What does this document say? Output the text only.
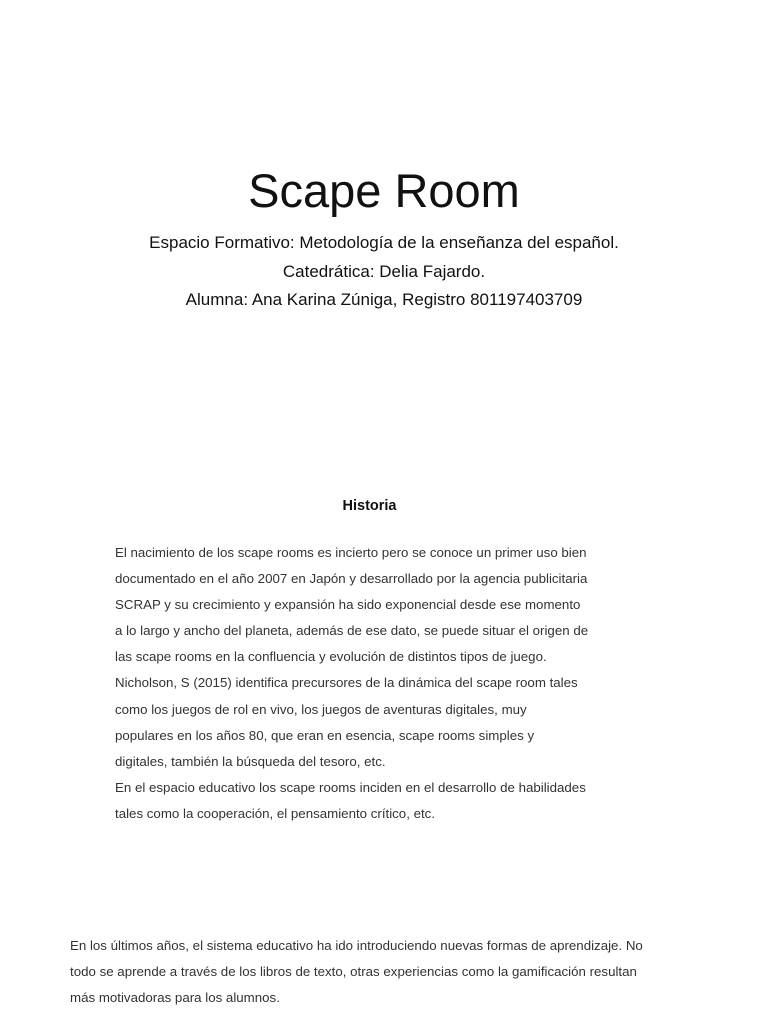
Scape Room
Espacio Formativo: Metodología de la enseñanza del español.
Catedrática: Delia Fajardo.
Alumna: Ana Karina Zúniga, Registro 801197403709
Historia
El nacimiento de los scape rooms es incierto pero se conoce un primer uso bien
documentado en el año 2007 en Japón y desarrollado por la agencia publicitaria
SCRAP y su crecimiento y expansión ha sido exponencial desde ese momento
a lo largo y ancho del planeta, además de ese dato, se puede situar el origen de
las scape rooms en la confluencia y evolución de distintos tipos de juego.
Nicholson, S (2015) identifica precursores de la dinámica del scape room tales
como los juegos de rol en vivo, los juegos de aventuras digitales, muy
populares en los años 80, que eran en esencia, scape rooms simples y
digitales, también la búsqueda del tesoro, etc.
En el espacio educativo los scape rooms inciden en el desarrollo de habilidades
tales como la cooperación, el pensamiento crítico, etc.
En los últimos años, el sistema educativo ha ido introduciendo nuevas formas de aprendizaje. No
todo se aprende a través de los libros de texto, otras experiencias como la gamificación resultan
más motivadoras para los alumnos.
